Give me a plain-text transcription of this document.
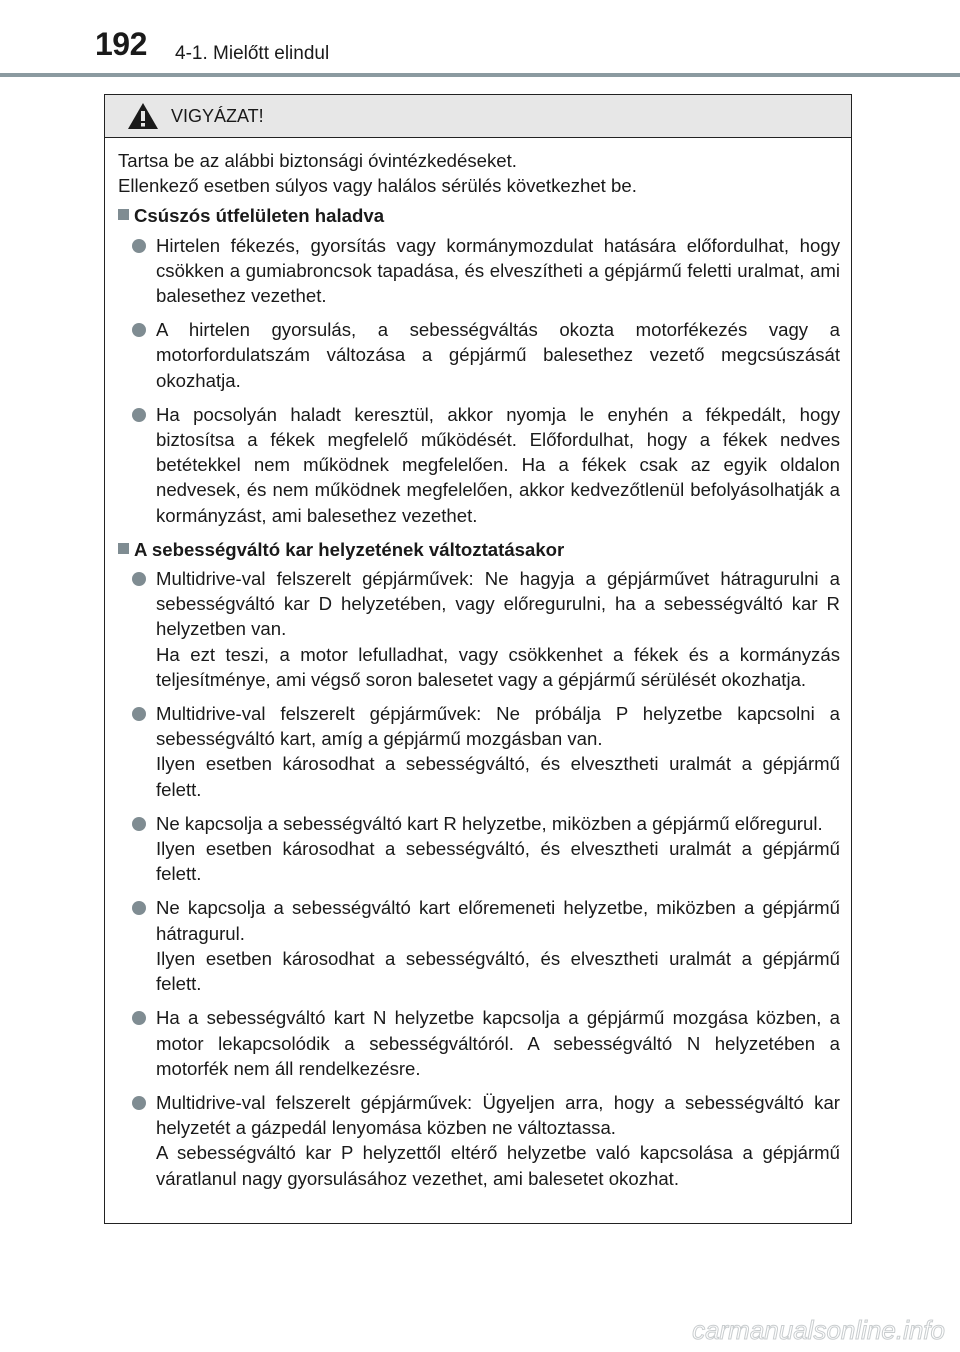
192 4-1. Mielőtt elindul
VIGYÁZAT!
Tartsa be az alábbi biztonsági óvintézkedéseket.
Ellenkező esetben súlyos vagy halálos sérülés következhet be.
Csúszós útfelületen haladva
Hirtelen fékezés, gyorsítás vagy kormánymozdulat hatására előfordulhat, hogy csökken a gumiabroncsok tapadása, és elveszítheti a gépjármű feletti uralmat, ami balesethez vezethet.
A hirtelen gyorsulás, a sebességváltás okozta motorfékezés vagy a motorfordulatszám változása a gépjármű balesethez vezető megcsúszását okozhatja.
Ha pocsolyán haladt keresztül, akkor nyomja le enyhén a fékpedált, hogy biztosítsa a fékek megfelelő működését. Előfordulhat, hogy a fékek nedves betétekkel nem működnek megfelelően. Ha a fékek csak az egyik oldalon nedvesek, és nem működnek megfelelően, akkor kedvezőtlenül befolyásolhatják a kormányzást, ami balesethez vezethet.
A sebességváltó kar helyzetének változtatásakor
Multidrive-val felszerelt gépjárművek: Ne hagyja a gépjárművet hátragurulni a sebességváltó kar D helyzetében, vagy előregurulni, ha a sebességváltó kar R helyzetben van.
Ha ezt teszi, a motor lefulladhat, vagy csökkenhet a fékek és a kormányzás teljesítménye, ami végső soron balesetet vagy a gépjármű sérülését okozhatja.
Multidrive-val felszerelt gépjárművek: Ne próbálja P helyzetbe kapcsolni a sebességváltó kart, amíg a gépjármű mozgásban van.
Ilyen esetben károsodhat a sebességváltó, és elvesztheti uralmát a gépjármű felett.
Ne kapcsolja a sebességváltó kart R helyzetbe, miközben a gépjármű előregurul.
Ilyen esetben károsodhat a sebességváltó, és elvesztheti uralmát a gépjármű felett.
Ne kapcsolja a sebességváltó kart előremeneti helyzetbe, miközben a gépjármű hátragurul.
Ilyen esetben károsodhat a sebességváltó, és elvesztheti uralmát a gépjármű felett.
Ha a sebességváltó kart N helyzetbe kapcsolja a gépjármű mozgása közben, a motor lekapcsolódik a sebességváltóról. A sebességváltó N helyzetében a motorfék nem áll rendelkezésre.
Multidrive-val felszerelt gépjárművek: Ügyeljen arra, hogy a sebességváltó kar helyzetét a gázpedál lenyomása közben ne változtassa.
A sebességváltó kar P helyzettől eltérő helyzetbe való kapcsolása a gépjármű váratlanul nagy gyorsulásához vezethet, ami balesetet okozhat.
carmanualsonline.info
